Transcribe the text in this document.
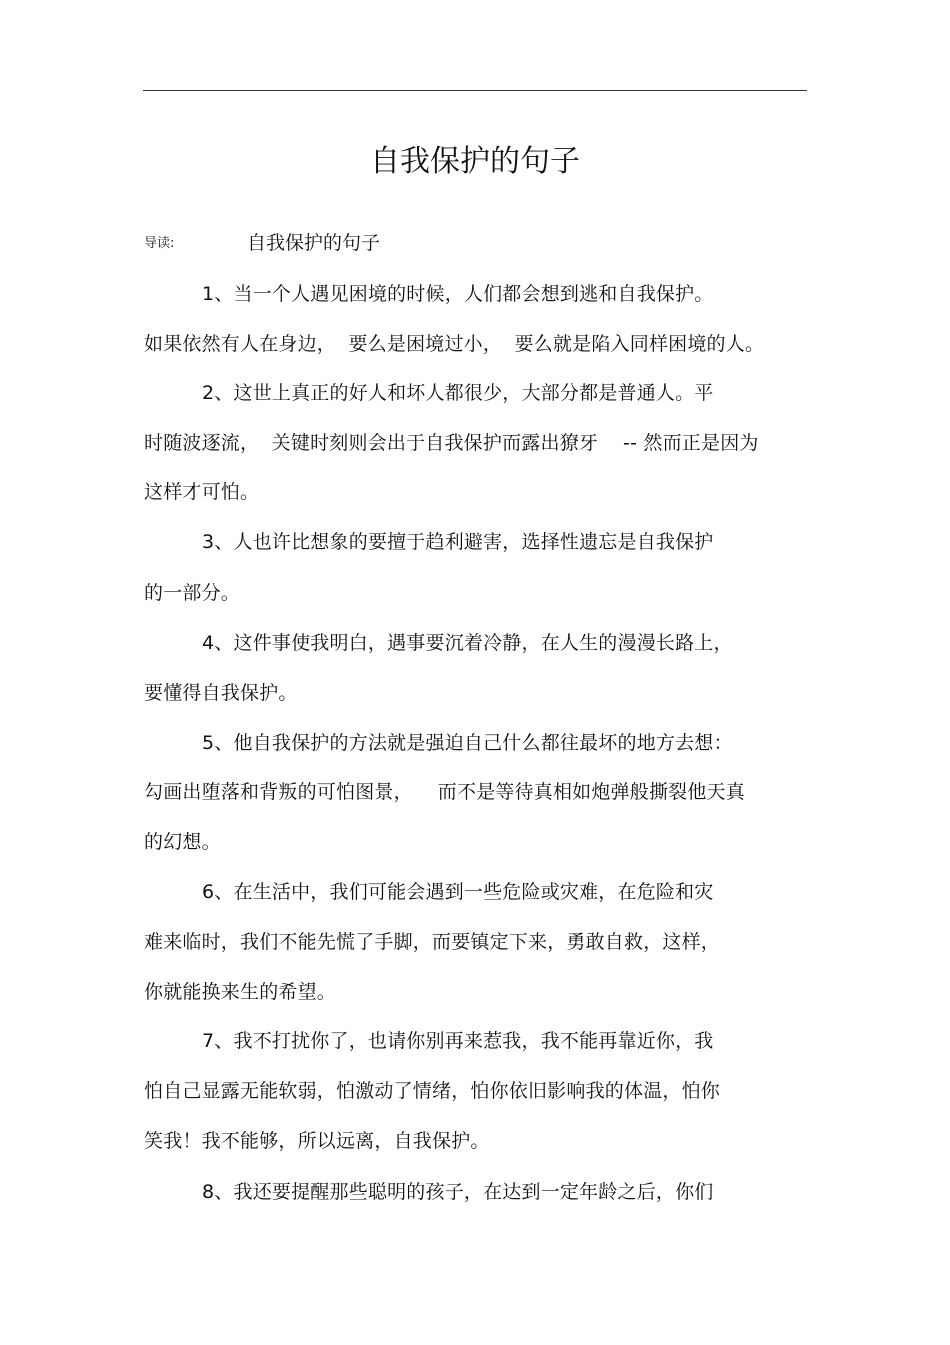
自我保护的句子
导读:	自我保护的句子
1、当一个人遇见困境的时候，人们都会想到逃和自我保护。
如果依然有人在身边，  要么是困境过小，  要么就是陷入同样困境的人。
2、这世上真正的好人和坏人都很少，大部分都是普通人。平
时随波逐流，  关键时刻则会出于自我保护而露出獠牙    -- 然而正是因为
这样才可怕。
3、人也许比想象的要擅于趋利避害，选择性遗忘是自我保护
的一部分。
4、这件事使我明白，遇事要沉着冷静，在人生的漫漫长路上，
要懂得自我保护。
5、他自我保护的方法就是强迫自己什么都往最坏的地方去想：
勾画出堕落和背叛的可怕图景，    而不是等待真相如炮弹般撕裂他天真
的幻想。
6、在生活中，我们可能会遇到一些危险或灾难，在危险和灾
难来临时，我们不能先慌了手脚，而要镇定下来，勇敢自救，这样，
你就能换来生的希望。
7、我不打扰你了，也请你别再来惹我，我不能再靠近你，我
怕自己显露无能软弱，怕激动了情绪，怕你依旧影响我的体温，怕你
笑我！我不能够，所以远离，自我保护。
8、我还要提醒那些聪明的孩子，在达到一定年龄之后，你们
